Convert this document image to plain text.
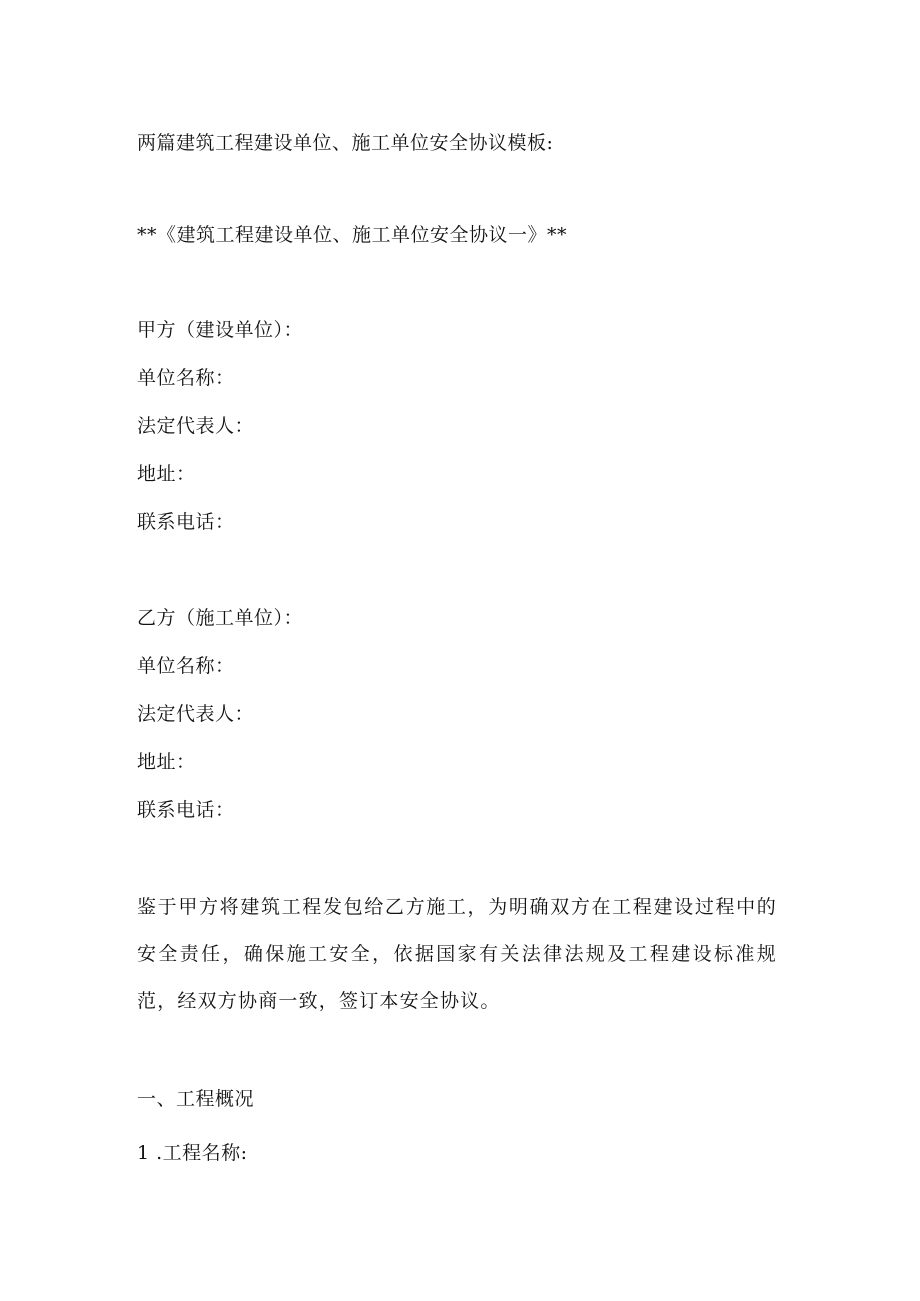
两篇建筑工程建设单位、施工单位安全协议模板:
**《建筑工程建设单位、施工单位安全协议一》**
甲方（建设单位）：
单位名称：
法定代表人：
地址：
联系电话：
乙方（施工单位）：
单位名称：
法定代表人：
地址：
联系电话：
鉴于甲方将建筑工程发包给乙方施工，为明确双方在工程建设过程中的安全责任，确保施工安全，依据国家有关法律法规及工程建设标准规范，经双方协商一致，签订本安全协议。
一、工程概况
1 .工程名称:
